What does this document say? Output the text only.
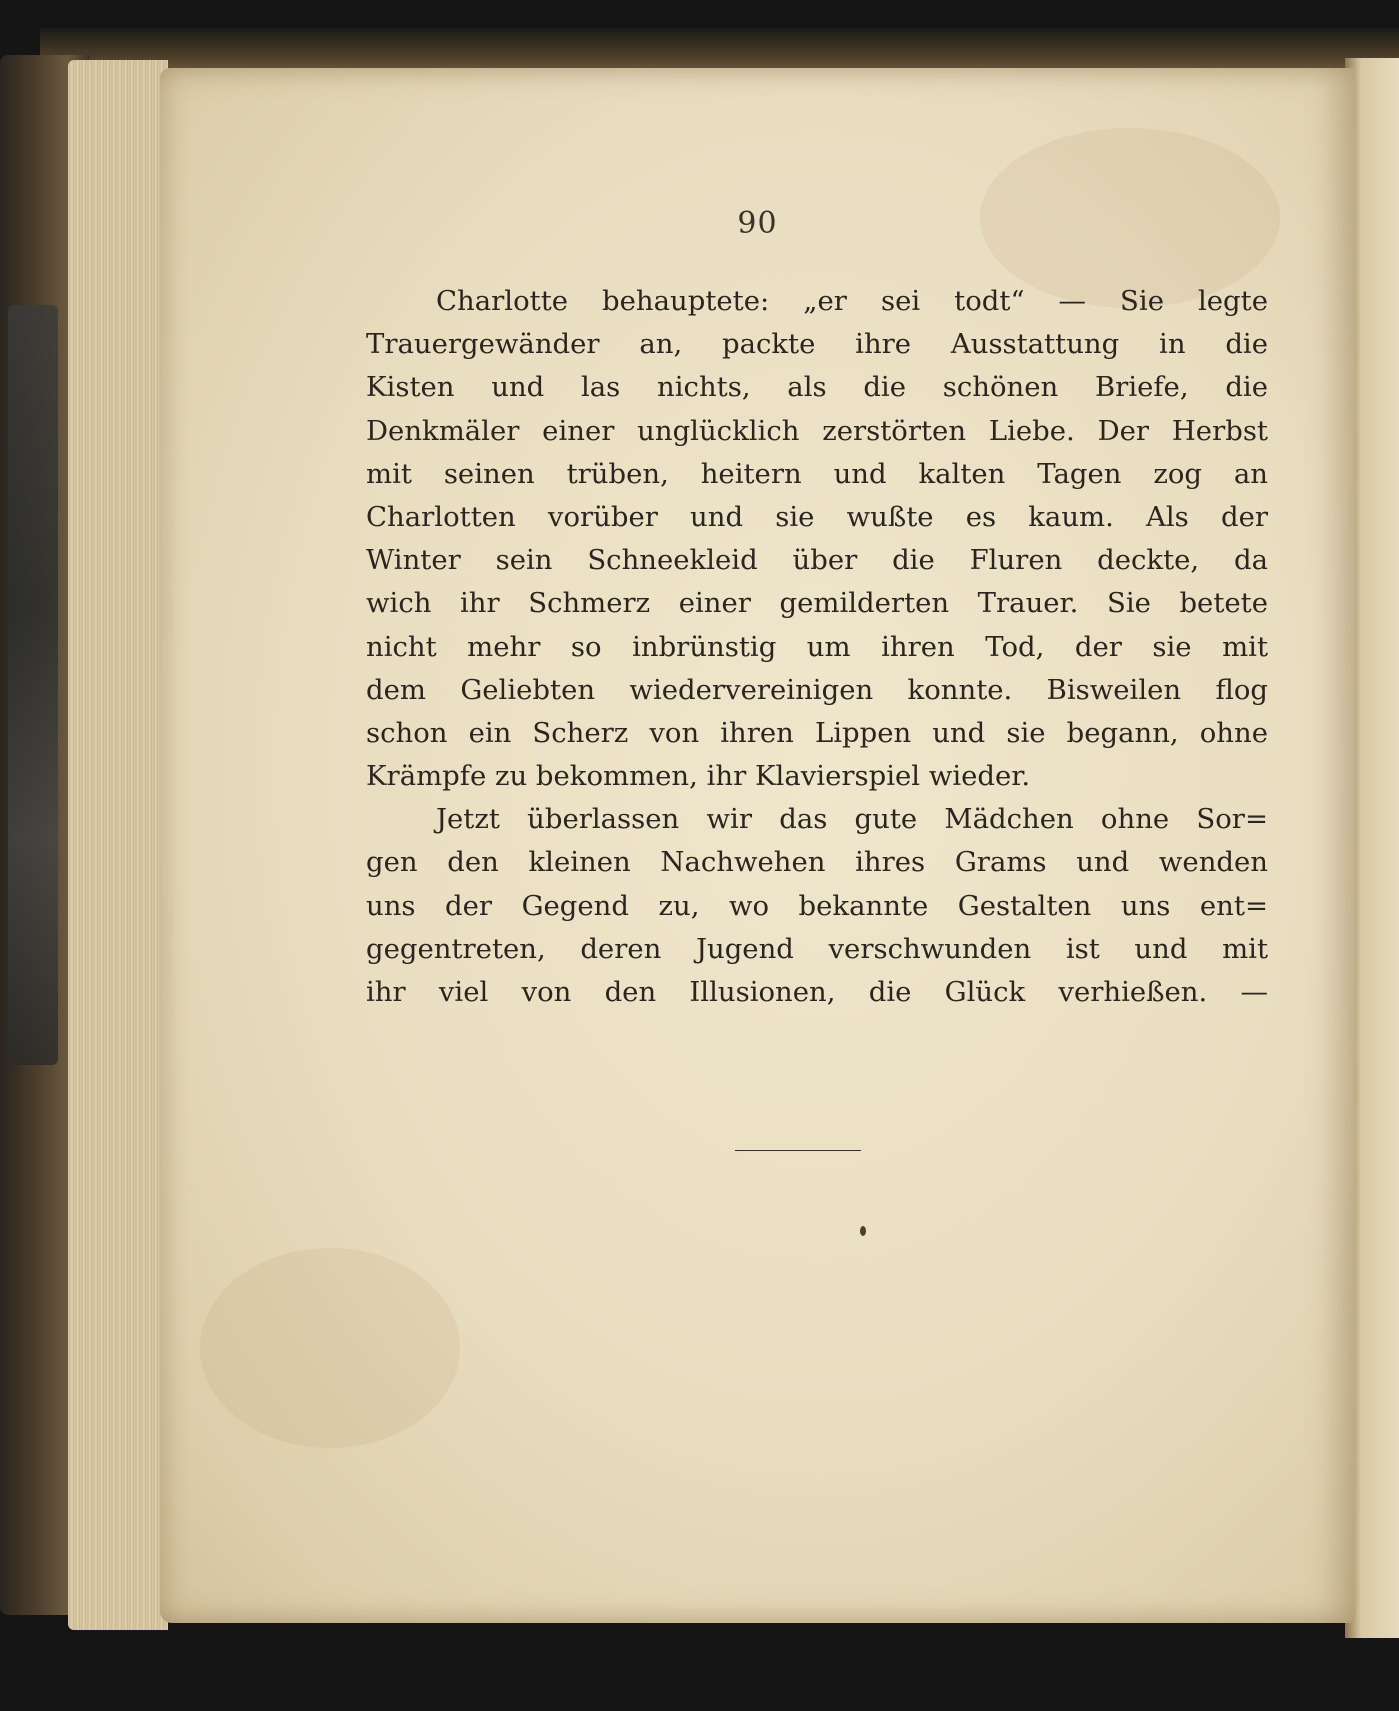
90
Charlotte behauptete: „er sei todt“ — Sie legte
Trauergewänder an, packte ihre Ausstattung in die
Kisten und las nichts, als die schönen Briefe, die
Denkmäler einer unglücklich zerstörten Liebe. Der Herbst
mit seinen trüben, heitern und kalten Tagen zog an
Charlotten vorüber und sie wußte es kaum. Als der
Winter sein Schneekleid über die Fluren deckte, da
wich ihr Schmerz einer gemilderten Trauer. Sie betete
nicht mehr so inbrünstig um ihren Tod, der sie mit
dem Geliebten wiedervereinigen konnte. Bisweilen flog
schon ein Scherz von ihren Lippen und sie begann, ohne
Krämpfe zu bekommen, ihr Klavierspiel wieder.
Jetzt überlassen wir das gute Mädchen ohne Sor=
gen den kleinen Nachwehen ihres Grams und wenden
uns der Gegend zu, wo bekannte Gestalten uns ent=
gegentreten, deren Jugend verschwunden ist und mit
ihr viel von den Illusionen, die Glück verhießen. —
